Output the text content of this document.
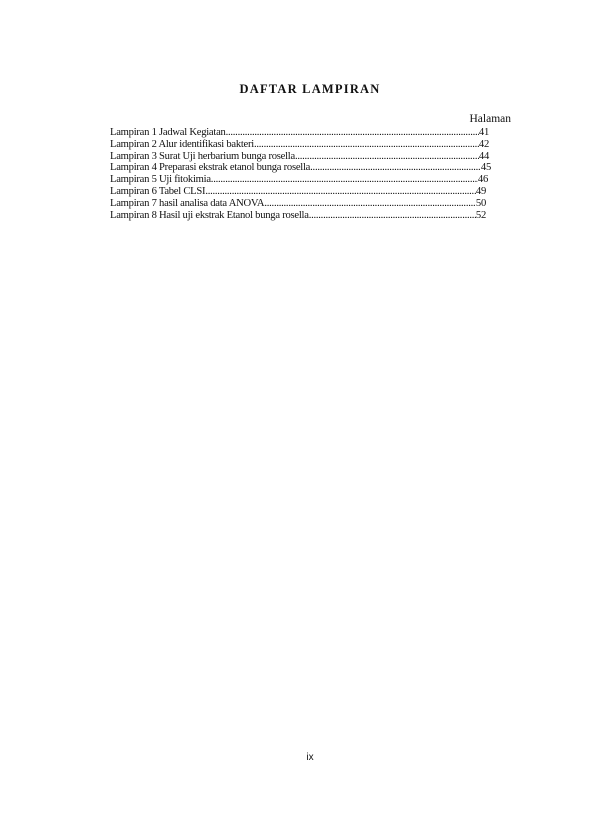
DAFTAR LAMPIRAN
Halaman
Lampiran 1 Jadwal Kegiatan .....	41
Lampiran 2 Alur identifikasi bakteri .....	42
Lampiran 3 Surat Uji herbarium bunga rosella .....	44
Lampiran 4 Preparasi ekstrak etanol bunga rosella .....	45
Lampiran 5 Uji fitokimia .....	46
Lampiran 6 Tabel CLSI .....	49
Lampiran 7 hasil analisa data ANOVA .....	50
Lampiran 8 Hasil uji ekstrak Etanol bunga rosella .....	52
ix
